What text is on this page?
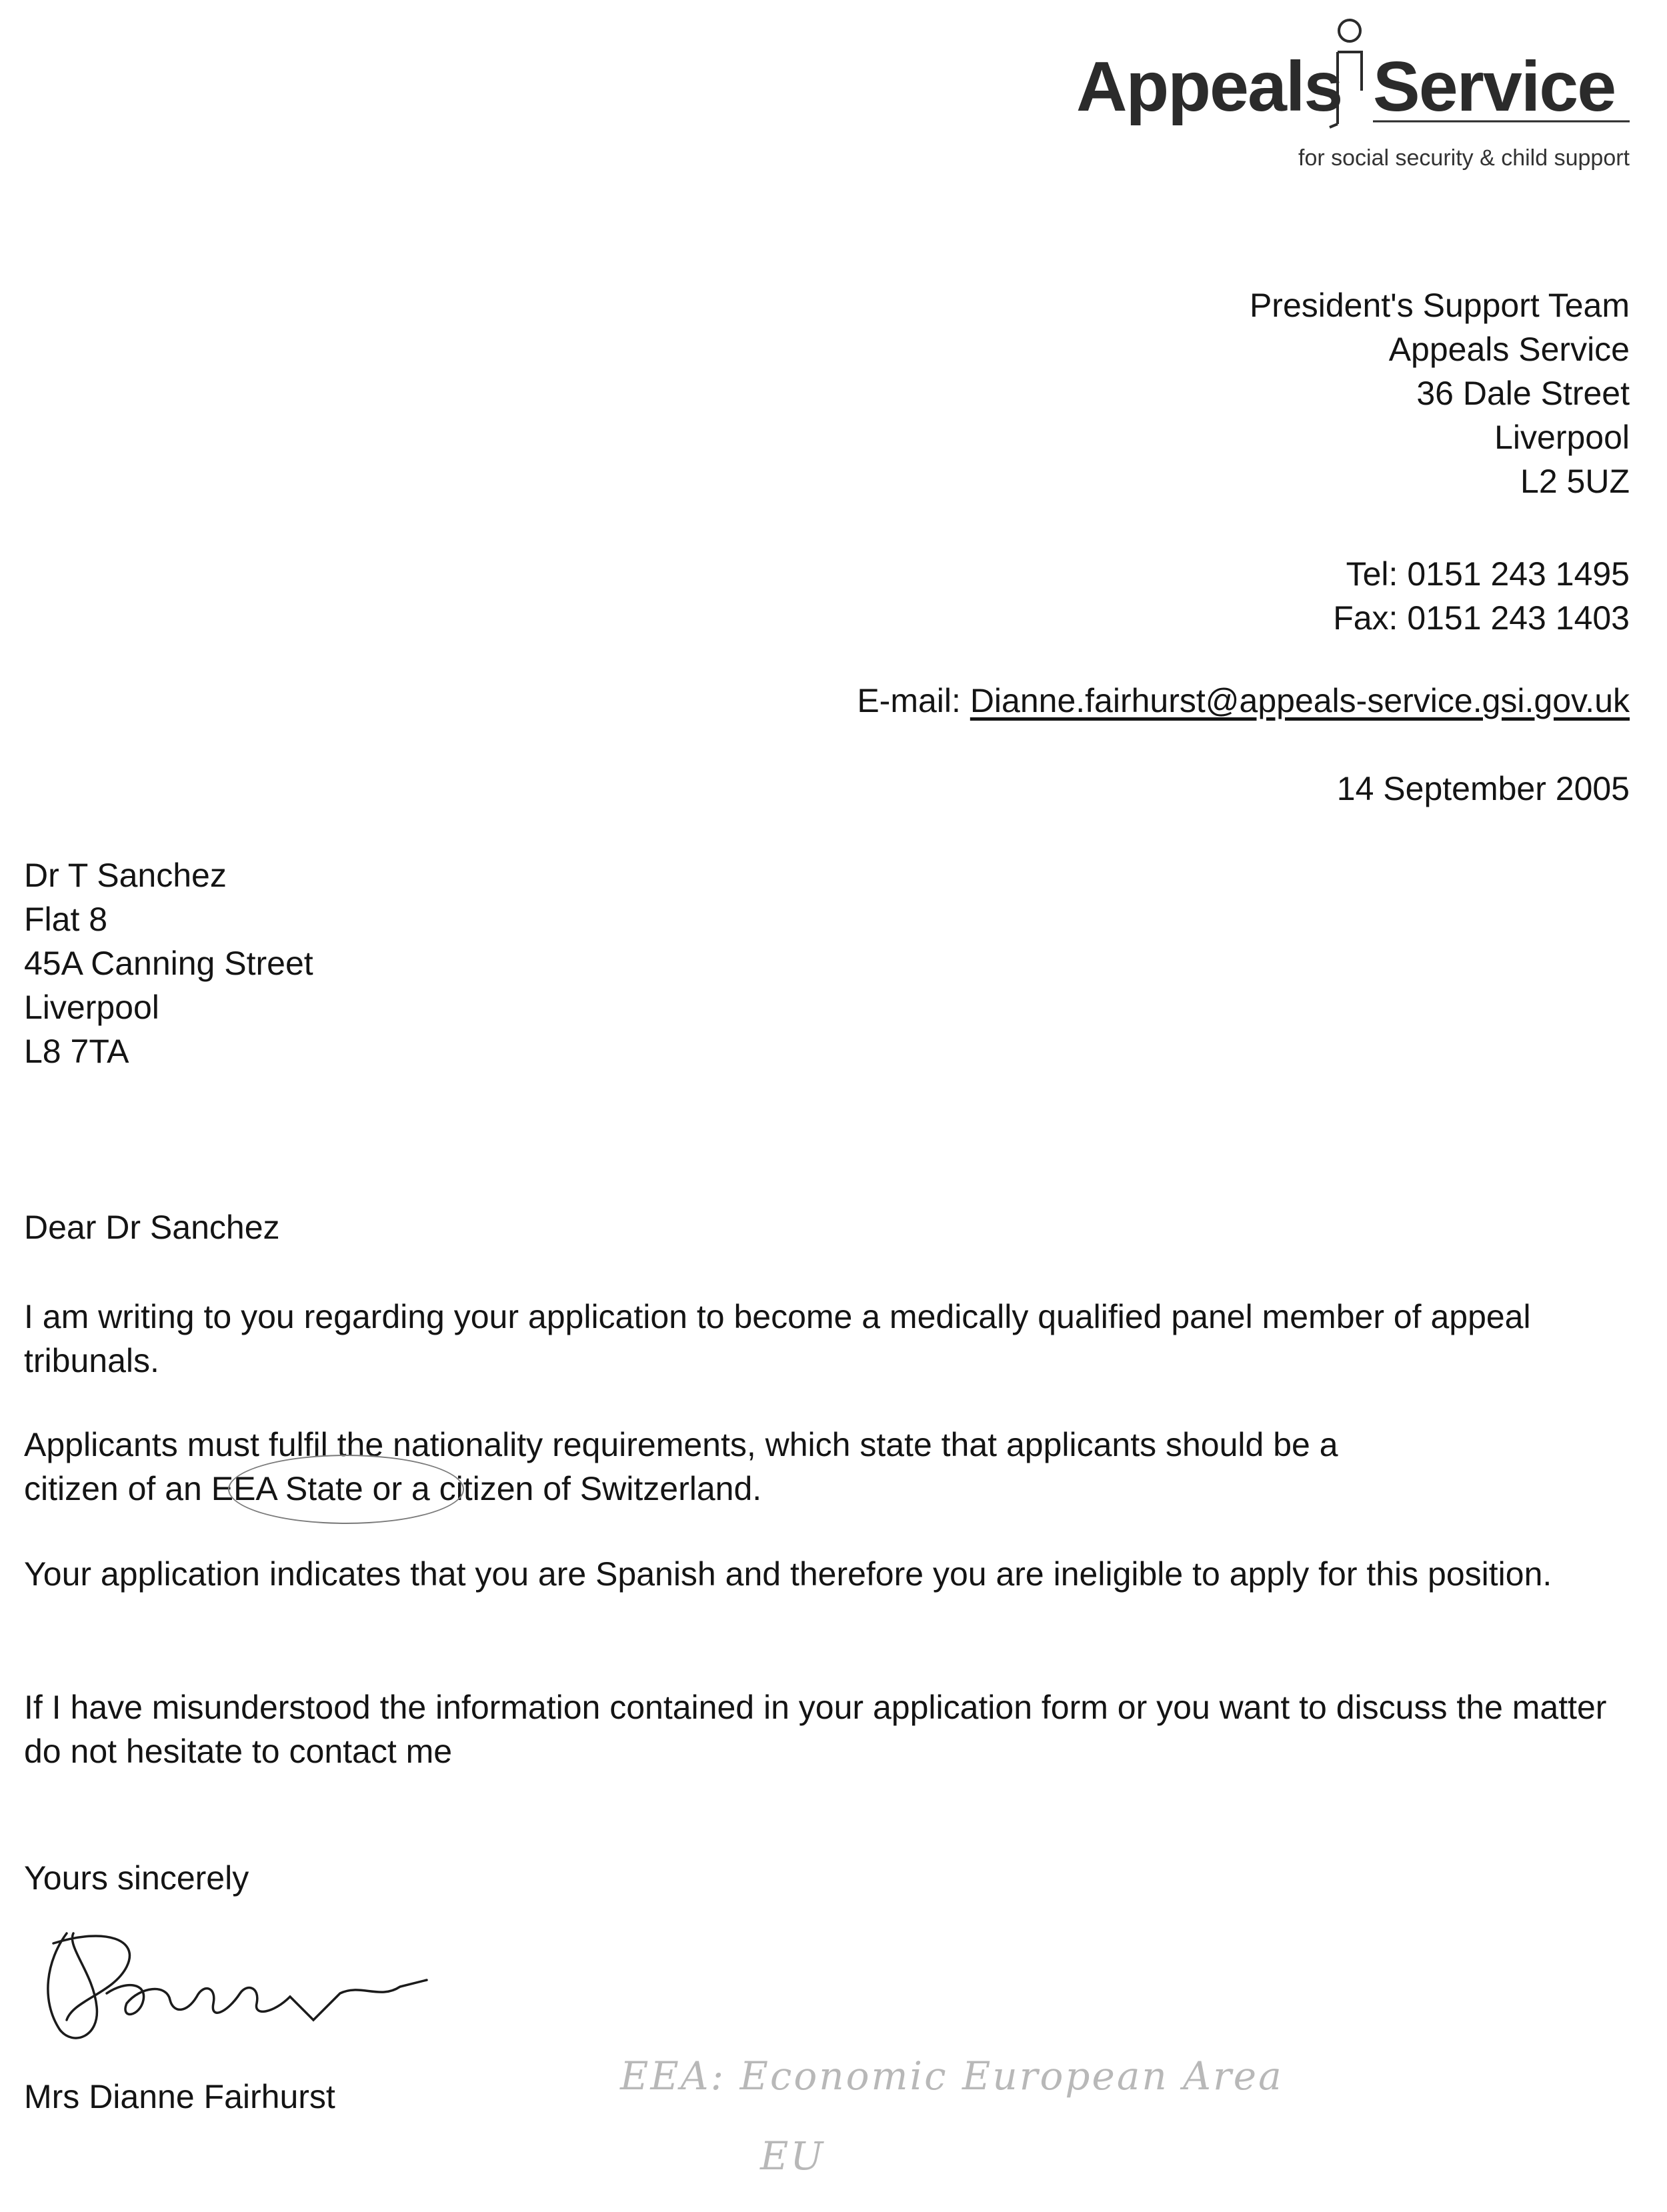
Appeals Service
for social security & child support
President's Support Team
Appeals Service
36 Dale Street
Liverpool
L2 5UZ
Tel: 0151 243 1495
Fax: 0151 243 1403
E-mail: Dianne.fairhurst@appeals-service.gsi.gov.uk
14 September 2005
Dr T Sanchez
Flat 8
45A Canning Street
Liverpool
L8 7TA
Dear Dr Sanchez

I am writing to you regarding your application to become a medically qualified panel member of appeal tribunals.

Applicants must fulfil the nationality requirements, which state that applicants should be a
citizen of an EEA State or a citizen of Switzerland.

Your application indicates that you are Spanish and therefore you are ineligible to apply for this position.

If I have misunderstood the information contained in your application form or you want to discuss the matter do not hesitate to contact me

Yours sincerely
Mrs Dianne Fairhurst	EEA: Economic European Area
EU
